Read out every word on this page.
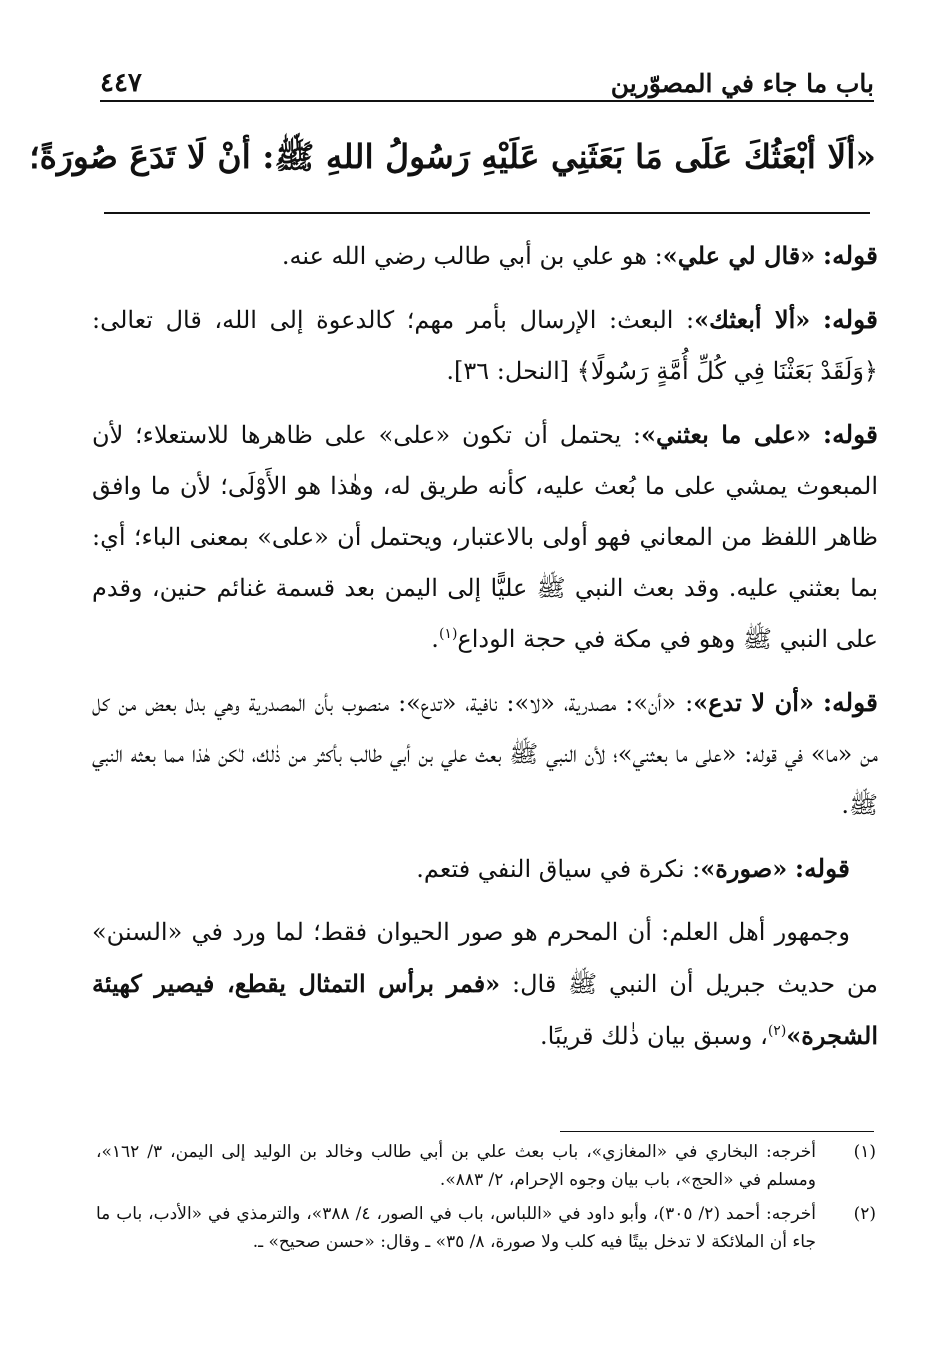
باب ما جاء في المصوّرين
٤٤٧
«ألَا أبْعَثُكَ عَلَى مَا بَعَثَنِي عَلَيْهِ رَسُولُ اللهِ ﷺ: أنْ لَا تَدَعَ صُورَةً؛

قوله: «قال لي علي»: هو علي بن أبي طالب رضي الله عنه.

قوله: «ألا أبعثك»: البعث: الإرسال بأمر مهم؛ كالدعوة إلى الله، قال تعالى: ﴿وَلَقَدْ بَعَثْنَا فِي كُلِّ أُمَّةٍ رَسُولًا﴾ [النحل: ٣٦].

قوله: «على ما بعثني»: يحتمل أن تكون «على» على ظاهرها للاستعلاء؛ لأن المبعوث يمشي على ما بُعث عليه، كأنه طريق له، وهٰذا هو الأَوْلَى؛ لأن ما وافق ظاهر اللفظ من المعاني فهو أولى بالاعتبار، ويحتمل أن «على» بمعنى الباء؛ أي: بما بعثني عليه. وقد بعث النبي ﷺ عليًّا إلى اليمن بعد قسمة غنائم حنين، وقدم على النبي ﷺ وهو في مكة في حجة الوداع$^{(١)}$.

قوله: «أن لا تدع»: «أن»: مصدرية، «لا»: نافية، «تدع»: منصوب بأن المصدرية وهي بدل بعض من كل من «ما» في قوله: «على ما بعثني»؛ لأن النبي ﷺ بعث علي بن أبي طالب بأكثر من ذٰلك، لٰكن هٰذا مما بعثه النبي ﷺ.

قوله: «صورة»: نكرة في سياق النفي فتعم.

وجمهور أهل العلم: أن المحرم هو صور الحيوان فقط؛ لما ورد في «السنن» من حديث جبريل أن النبي ﷺ قال: «فمر برأس التمثال يقطع، فيصير كهيئة الشجرة»$^{(٢)}$، وسبق بيان ذٰلك قريبًا.

(١)
أخرجه: البخاري في «المغازي»، باب بعث علي بن أبي طالب وخالد بن الوليد إلى اليمن، ٣/ ١٦٢»، ومسلم في «الحج»، باب بيان وجوه الإحرام، ٢/ ٨٨٣».
(٢)
أخرجه: أحمد (٢/ ٣٠٥)، وأبو داود في «اللباس، باب في الصور، ٤/ ٣٨٨»، والترمذي في «الأدب، باب ما جاء أن الملائكة لا تدخل بيتًا فيه كلب ولا صورة، ٨/ ٣٥» ـ وقال: «حسن صحيح» ـ.
